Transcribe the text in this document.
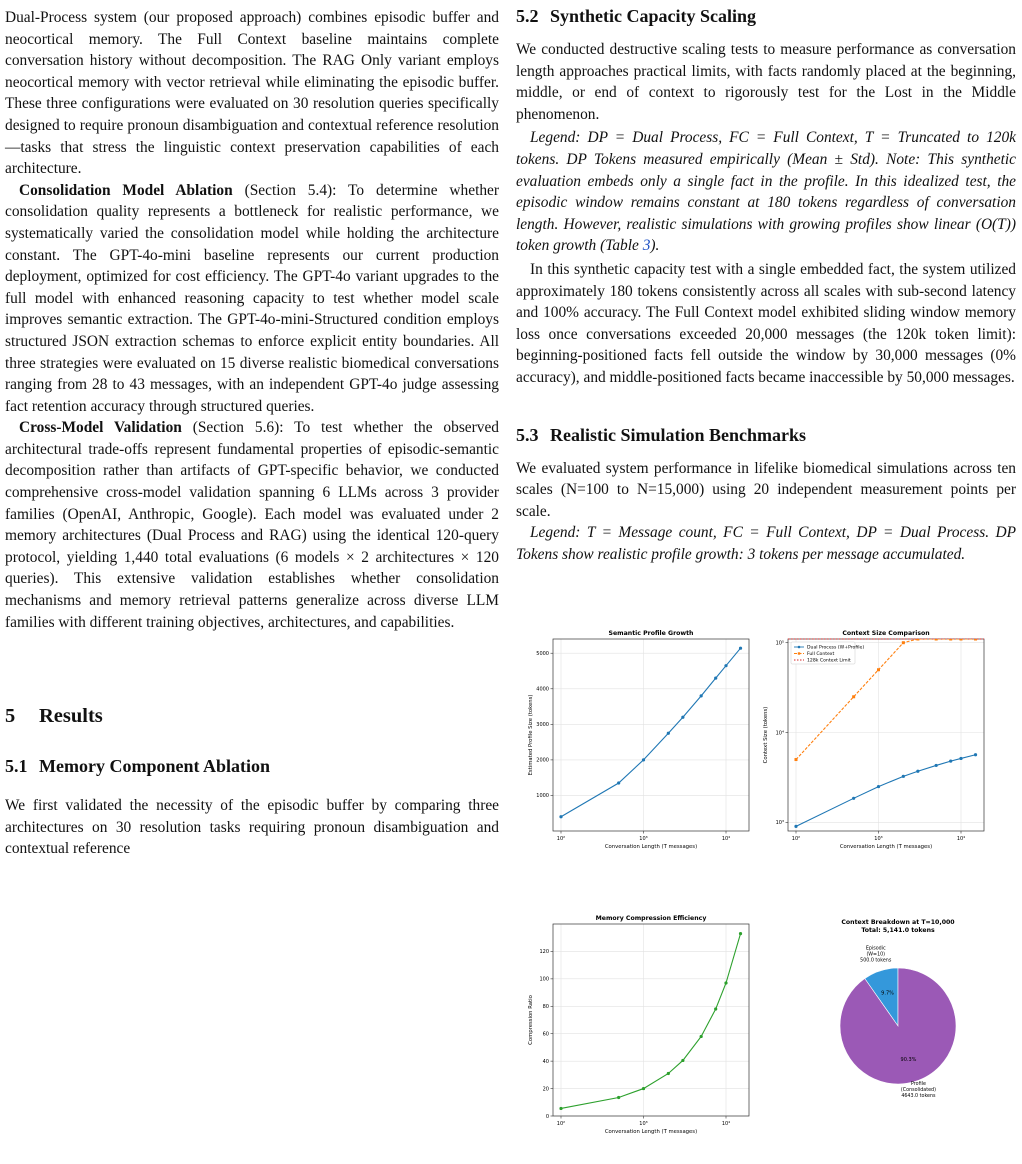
Dual-Process system (our proposed approach) combines episodic buffer and neocortical memory. The Full Context baseline maintains complete conversation history without decomposition. The RAG Only variant employs neocortical memory with vector retrieval while eliminating the episodic buffer. These three configurations were evaluated on 30 resolution queries specifically designed to require pronoun disambiguation and contextual reference resolution—tasks that stress the linguistic context preservation capabilities of each architecture.

Consolidation Model Ablation (Section 5.4): To determine whether consolidation quality represents a bottleneck for realistic performance, we systematically varied the consolidation model while holding the architecture constant. The GPT-4o-mini baseline represents our current production deployment, optimized for cost efficiency. The GPT-4o variant upgrades to the full model with enhanced reasoning capacity to test whether model scale improves semantic extraction. The GPT-4o-mini-Structured condition employs structured JSON extraction schemas to enforce explicit entity boundaries. All three strategies were evaluated on 15 diverse realistic biomedical conversations ranging from 28 to 43 messages, with an independent GPT-4o judge assessing fact retention accuracy through structured queries.

Cross-Model Validation (Section 5.6): To test whether the observed architectural trade-offs represent fundamental properties of episodic-semantic decomposition rather than artifacts of GPT-specific behavior, we conducted comprehensive cross-model validation spanning 6 LLMs across 3 provider families (OpenAI, Anthropic, Google). Each model was evaluated under 2 memory architectures (Dual Process and RAG) using the identical 120-query protocol, yielding 1,440 total evaluations (6 models × 2 architectures × 120 queries). This extensive validation establishes whether consolidation mechanisms and memory retrieval patterns generalize across diverse LLM families with different training objectives, architectures, and capabilities.

5 Results
5.1 Memory Component Ablation

We first validated the necessity of the episodic buffer by comparing three architectures on 30 resolution tasks requiring pronoun disambiguation and contextual reference

5.2 Synthetic Capacity Scaling

We conducted destructive scaling tests to measure performance as conversation length approaches practical limits, with facts randomly placed at the beginning, middle, or end of context to rigorously test for the Lost in the Middle phenomenon.

Legend: DP = Dual Process, FC = Full Context, T = Truncated to 120k tokens. DP Tokens measured empirically (Mean ± Std). Note: This synthetic evaluation embeds only a single fact in the profile. In this idealized test, the episodic window remains constant at 180 tokens regardless of conversation length. However, realistic simulations with growing profiles show linear (O(T)) token growth (Table 3).

In this synthetic capacity test with a single embedded fact, the system utilized approximately 180 tokens consistently across all scales with sub-second latency and 100% accuracy. The Full Context model exhibited sliding window memory loss once conversations exceeded 20,000 messages (the 120k token limit): beginning-positioned facts fell outside the window by 30,000 messages (0% accuracy), and middle-positioned facts became inaccessible by 50,000 messages.

5.3 Realistic Simulation Benchmarks

We evaluated system performance in lifelike biomedical simulations across ten scales (N=100 to N=15,000) using 20 independent measurement points per scale.

Legend: T = Message count, FC = Full Context, DP = Dual Process. DP Tokens show realistic profile growth: 3 tokens per message accumulated.

Semantic Profile Growth
10²	10³	10⁴
1000
2000
3000
4000
5000
Conversation Length (T messages)
Estimated Profile Size (tokens)
Context Size Comparison
10²	10³	10⁴
10³
10⁴
10⁵
Conversation Length (T messages)
Context Size (tokens)
Dual Process (W+Profile)
Full Context
128k Context Limit
Memory Compression Efficiency
10²	10³	10⁴
0
20
40
60
80
100
120
Conversation Length (T messages)
Compression Ratio
Context Breakdown at T=10,000
Total: 5,141.0 tokens
9.7%
Episodic
(W=10)
500.0 tokens
90.3%
Profile
(Consolidated)
4643.0 tokens
